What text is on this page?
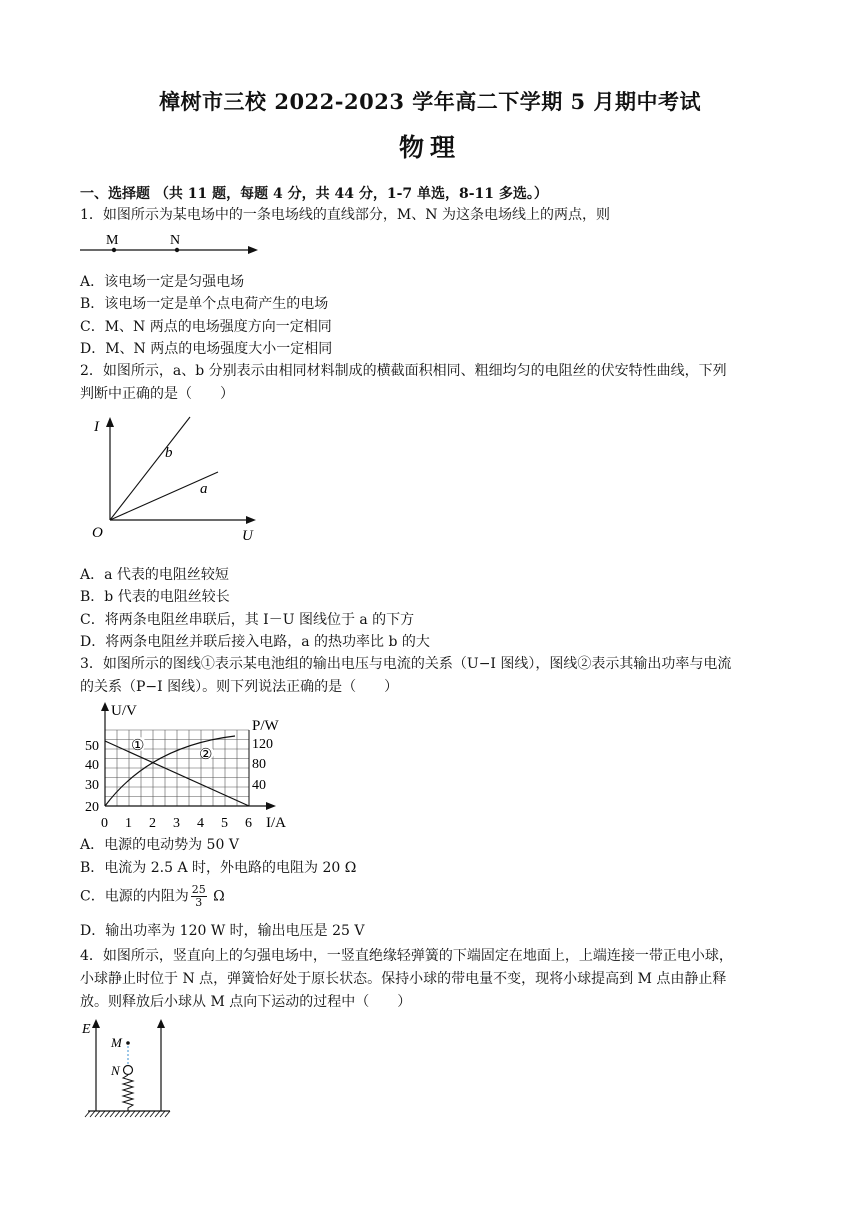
樟树市三校 2022-2023 学年高二下学期 5 月期中考试
物理
一、选择题 （共 11 题，每题 4 分，共 44 分，1-7 单选，8-11 多选。）
1．如图所示为某电场中的一条电场线的直线部分，M、N 为这条电场线上的两点，则
M	N
A．该电场一定是匀强电场
B．该电场一定是单个点电荷产生的电场
C．M、N 两点的电场强度方向一定相同
D．M、N 两点的电场强度大小一定相同
2．如图所示，a、b 分别表示由相同材料制成的横截面积相同、粗细均匀的电阻丝的伏安特性曲线，下列
判断中正确的是（　　）
I
U
O
b
a
A．a 代表的电阻丝较短
B．b 代表的电阻丝较长
C．将两条电阻丝串联后，其 I－U 图线位于 a 的下方
D．将两条电阻丝并联后接入电路，a 的热功率比 b 的大
3．如图所示的图线①表示某电池组的输出电压与电流的关系（U−I 图线），图线②表示其输出功率与电流
的关系（P−I 图线）。则下列说法正确的是（　　）
U/V
P/W
I/A
50
40
30
20
120
80
40
0 1 2 3 4 5 6
①
②
A．电源的电动势为 50 V
B．电流为 2.5 A 时，外电路的电阻为 20 Ω
C．电源的内阻为 $\frac{25}{3}$ Ω
D．输出功率为 120 W 时，输出电压是 25 V
4．如图所示，竖直向上的匀强电场中，一竖直绝缘轻弹簧的下端固定在地面上，上端连接一带正电小球，
小球静止时位于 N 点，弹簧恰好处于原长状态。保持小球的带电量不变，现将小球提高到 M 点由静止释
放。则释放后小球从 M 点向下运动的过程中（　　）
E
M
N
